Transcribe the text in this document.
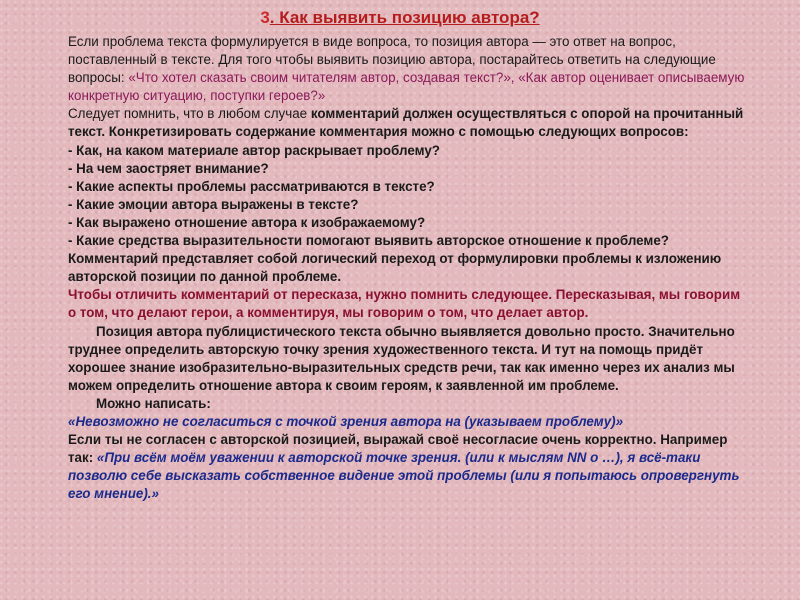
3. Как выявить позицию автора?

Если проблема текста формулируется в виде вопроса, то позиция автора — это ответ на вопрос, поставленный в тексте. Для того чтобы выявить позицию автора, постарайтесь ответить на следующие вопросы: «Что хотел сказать своим читателям автор, создавая текст?», «Как автор оценивает описываемую конкретную ситуацию, поступки героев?»

Следует помнить, что в любом случае комментарий должен осуществляться с опорой на прочитанный текст. Конкретизировать содержание комментария можно с помощью следующих вопросов:

- Как, на каком материале автор раскрывает проблему?

- На чем заостряет внимание?

- Какие аспекты проблемы рассматриваются в тексте?

- Какие эмоции автора выражены в тексте?

- Как выражено отношение автора к изображаемому?

- Какие средства выразительности помогают выявить авторское отношение к проблеме?

Комментарий представляет собой логический переход от формулировки проблемы к изложению авторской позиции по данной проблеме.

Чтобы отличить комментарий от пересказа, нужно помнить следующее. Пересказывая, мы говорим о том, что делают герои, а комментируя, мы говорим о том, что делает автор.

Позиция автора публицистического текста обычно выявляется довольно просто. Значительно труднее определить авторскую точку зрения художественного текста. И тут на помощь придёт хорошее знание изобразительно-выразительных средств речи, так как именно через их анализ мы можем определить отношение автора к своим героям, к заявленной им проблеме.

Можно написать:

«Невозможно не согласиться с точкой зрения автора на (указываем проблему)»

Если ты не согласен с авторской позицией, выражай своё несогласие очень корректно. Например так: «При всём моём уважении к авторской точке зрения. (или к мыслям NN о …), я всё-таки позволю себе высказать собственное видение этой проблемы (или я попытаюсь опровергнуть его мнение).»
